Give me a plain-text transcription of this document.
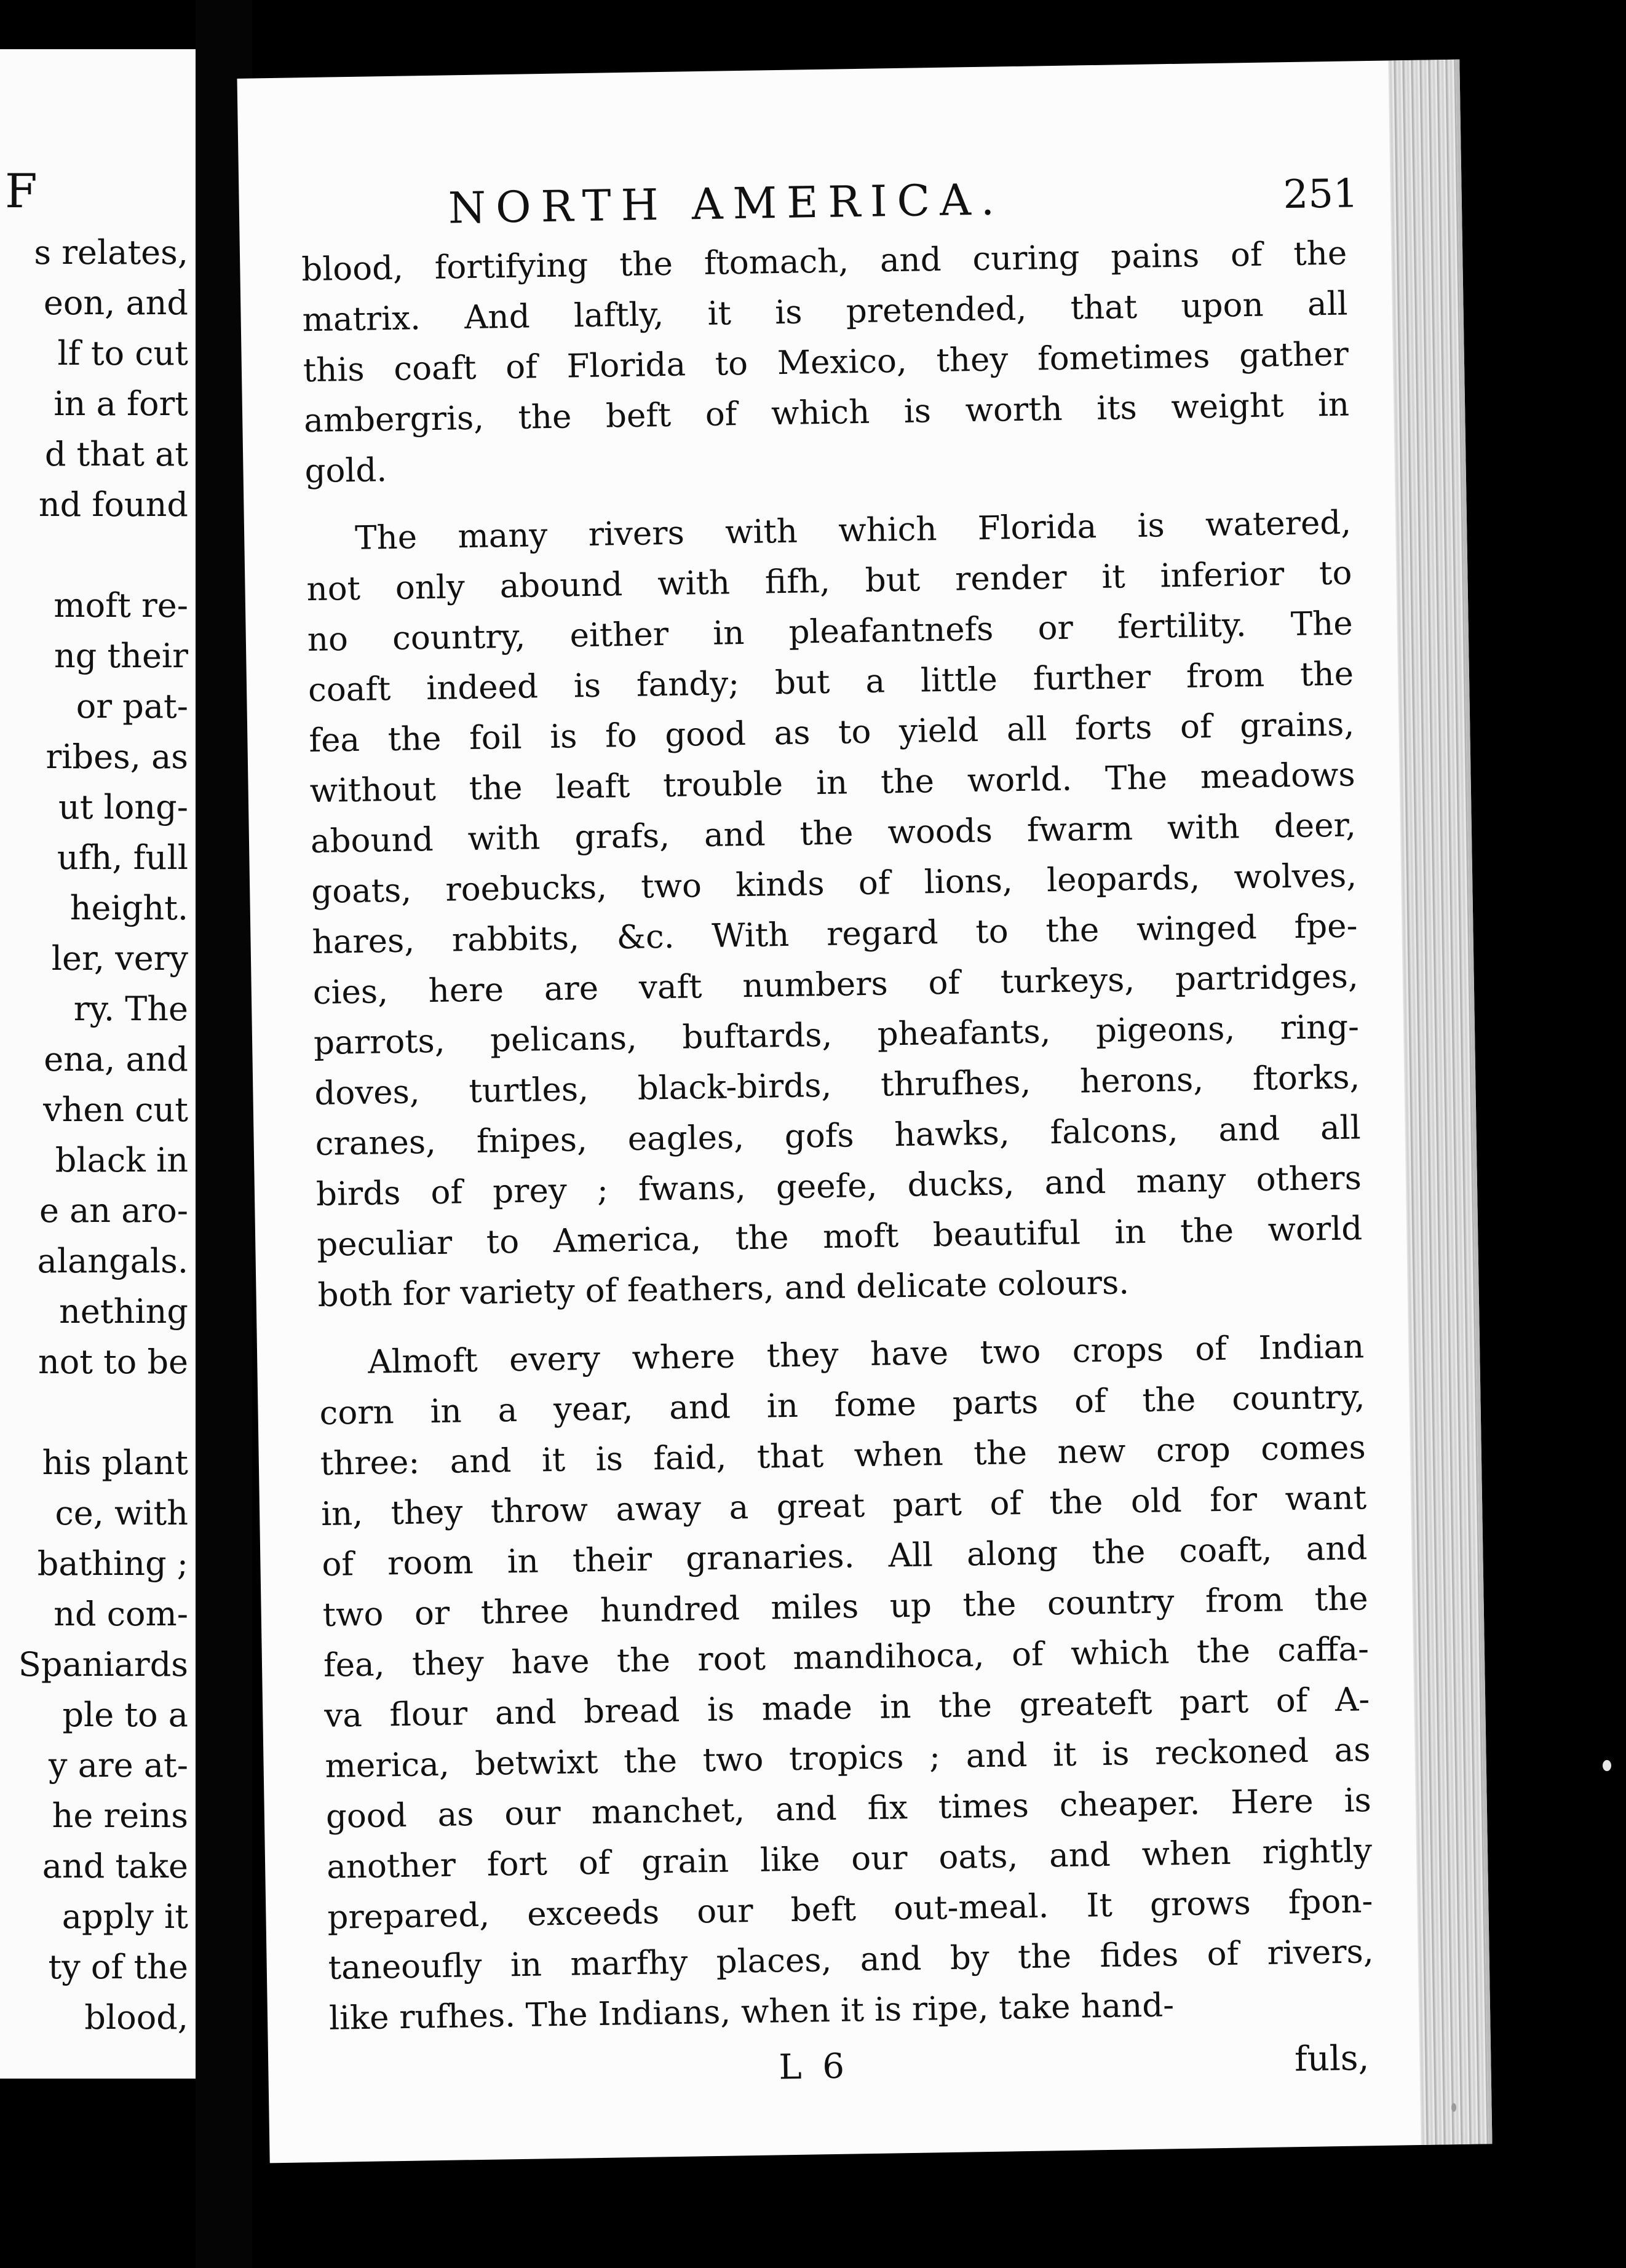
F
s relates,
eon, and
lf to cut
in a fort
d that at
nd found
moft re-
ng their
or pat-
ribes, as
ut long-
ufh, full
height.
ler, very
ry. The
ena, and
vhen cut
black in
e an aro-
alangals.
nething
not to be
his plant
ce, with
bathing ;
nd com-
Spaniards
ple to a
y are at-
he reins
and take
apply it
ty of the
blood,
NORTH AMERICA.	251
blood, fortifying the ftomach, and curing pains of the
matrix. And laftly, it is pretended, that upon all
this coaft of Florida to Mexico, they fometimes gather
ambergris, the beft of which is worth its weight in
gold.
The many rivers with which Florida is watered,
not only abound with fifh, but render it inferior to
no country, either in pleafantnefs or fertility. The
coaft indeed is fandy; but a little further from the
fea the foil is fo good as to yield all forts of grains,
without the leaft trouble in the world. The meadows
abound with grafs, and the woods fwarm with deer,
goats, roebucks, two kinds of lions, leopards, wolves,
hares, rabbits, &c. With regard to the winged fpe-
cies, here are vaft numbers of turkeys, partridges,
parrots, pelicans, buftards, pheafants, pigeons, ring-
doves, turtles, black-birds, thrufhes, herons, ftorks,
cranes, fnipes, eagles, gofs hawks, falcons, and all
birds of prey ; fwans, geefe, ducks, and many others
peculiar to America, the moft beautiful in the world
both for variety of feathers, and delicate colours.
Almoft every where they have two crops of Indian
corn in a year, and in fome parts of the country,
three: and it is faid, that when the new crop comes
in, they throw away a great part of the old for want
of room in their granaries. All along the coaft, and
two or three hundred miles up the country from the
fea, they have the root mandihoca, of which the caffa-
va flour and bread is made in the greateft part of A-
merica, betwixt the two tropics ; and it is reckoned as
good as our manchet, and fix times cheaper. Here is
another fort of grain like our oats, and when rightly
prepared, exceeds our beft out-meal. It grows fpon-
taneoufly in marfhy places, and by the fides of rivers,
like rufhes. The Indians, when it is ripe, take hand-
L 6	fuls,
